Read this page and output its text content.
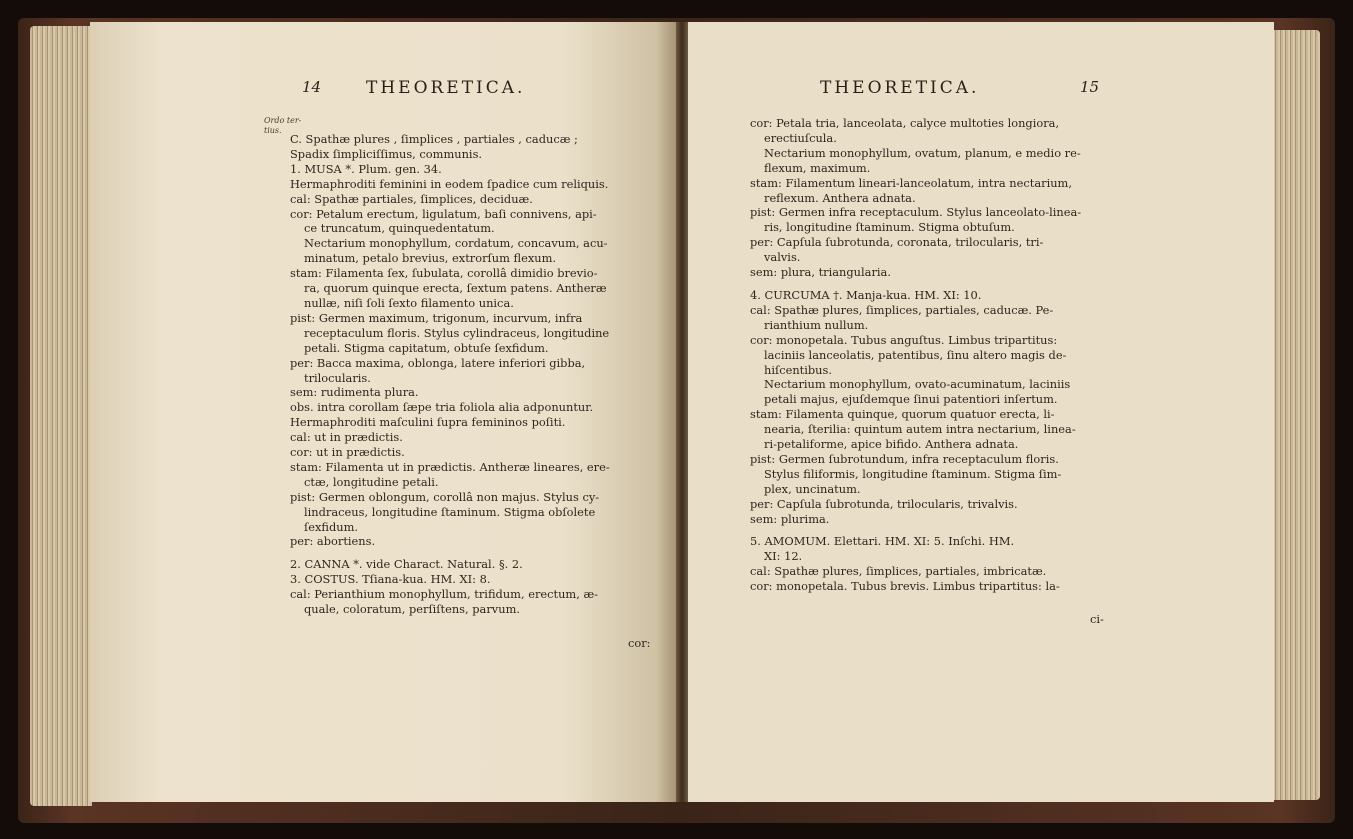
14	THEORETICA.
Ordo ter-
tius.
C. Spathæ plures , ſimplices , partiales , caducæ ;
Spadix ſimpliciſſimus, communis.
1. MUSA *. Plum. gen. 34.
Hermaphroditi feminini in eodem ſpadice cum reliquis.
cal: Spathæ partiales, ſimplices, deciduæ.
cor: Petalum erectum, ligulatum, baſi connivens, api-
ce truncatum, quinquedentatum.
Nectarium monophyllum, cordatum, concavum, acu-
minatum, petalo brevius, extrorſum flexum.
stam: Filamenta ſex, ſubulata, corollâ dimidio brevio-
ra, quorum quinque erecta, ſextum patens. Antheræ
nullæ, niſi ſoli ſexto filamento unica.
pist: Germen maximum, trigonum, incurvum, infra
receptaculum floris. Stylus cylindraceus, longitudine
petali. Stigma capitatum, obtuſe ſexfidum.
per: Bacca maxima, oblonga, latere inferiori gibba,
trilocularis.
sem: rudimenta plura.
obs. intra corollam ſæpe tria foliola alia adponuntur.
Hermaphroditi maſculini ſupra femininos poſiti.
cal: ut in prædictis.
cor: ut in prædictis.
stam: Filamenta ut in prædictis. Antheræ lineares, ere-
ctæ, longitudine petali.
pist: Germen oblongum, corollâ non majus. Stylus cy-
lindraceus, longitudine ſtaminum. Stigma obſolete
ſexfidum.
per: abortiens.
2. CANNA *. vide Charact. Natural. §. 2.
3. COSTUS. Tſiana-kua. HM. XI: 8.
cal: Perianthium monophyllum, trifidum, erectum, æ-
quale, coloratum, perſiſtens, parvum.
cor:
THEORETICA.	15
cor: Petala tria, lanceolata, calyce multoties longiora,
erectiuſcula.
Nectarium monophyllum, ovatum, planum, e medio re-
flexum, maximum.
stam: Filamentum lineari-lanceolatum, intra nectarium,
reflexum. Anthera adnata.
pist: Germen infra receptaculum. Stylus lanceolato-linea-
ris, longitudine ſtaminum. Stigma obtuſum.
per: Capſula ſubrotunda, coronata, trilocularis, tri-
valvis.
sem: plura, triangularia.
4. CURCUMA †. Manja-kua. HM. XI: 10.
cal: Spathæ plures, ſimplices, partiales, caducæ. Pe-
rianthium nullum.
cor: monopetala. Tubus anguſtus. Limbus tripartitus:
laciniis lanceolatis, patentibus, ſinu altero magis de-
hiſcentibus.
Nectarium monophyllum, ovato-acuminatum, laciniis
petali majus, ejuſdemque ſinui patentiori inſertum.
stam: Filamenta quinque, quorum quatuor erecta, li-
nearia, ſterilia: quintum autem intra nectarium, linea-
ri-petaliforme, apice bifido. Anthera adnata.
pist: Germen ſubrotundum, infra receptaculum floris.
Stylus filiformis, longitudine ſtaminum. Stigma ſim-
plex, uncinatum.
per: Capſula ſubrotunda, trilocularis, trivalvis.
sem: plurima.
5. AMOMUM. Elettari. HM. XI: 5. Inſchi. HM.
XI: 12.
cal: Spathæ plures, ſimplices, partiales, imbricatæ.
cor: monopetala. Tubus brevis. Limbus tripartitus: la-
ci-
